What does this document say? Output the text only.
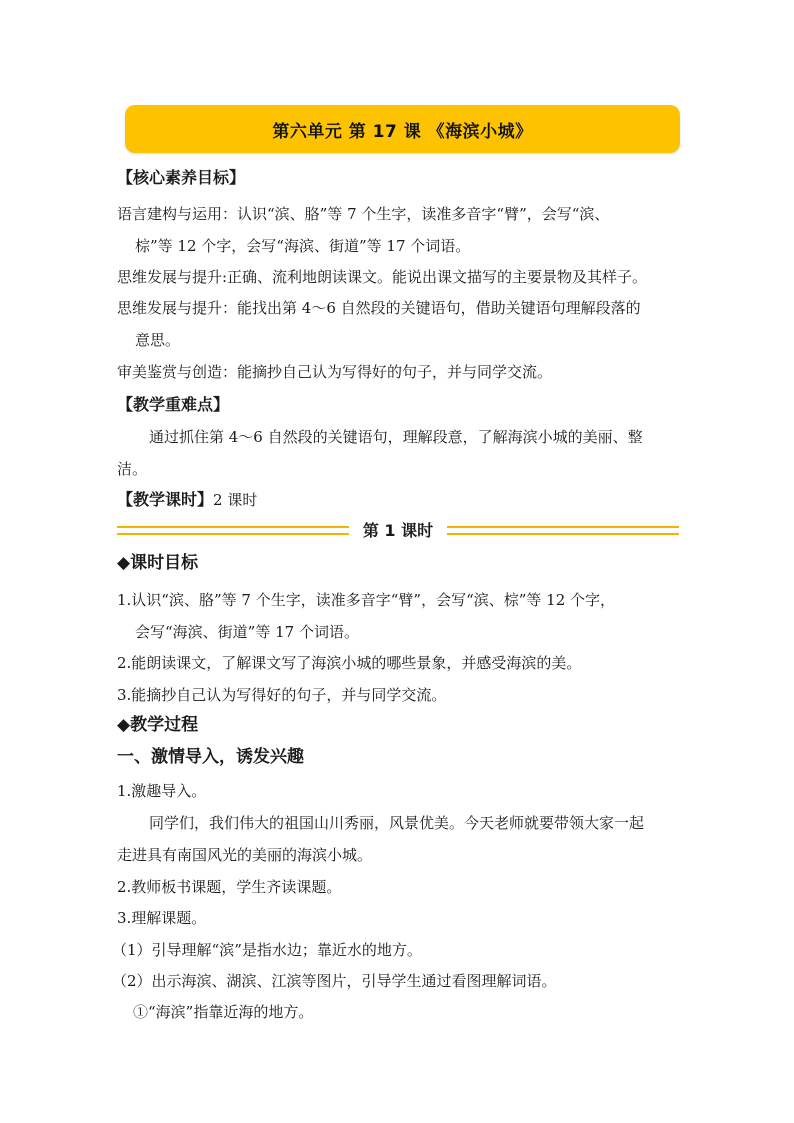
第六单元 第 17 课 《海滨小城》
【核心素养目标】
语言建构与运用：认识“滨、胳”等 7 个生字，读准多音字“臂”，会写“滨、
棕”等 12 个字，会写“海滨、街道”等 17 个词语。
思维发展与提升:正确、流利地朗读课文。能说出课文描写的主要景物及其样子。
思维发展与提升：能找出第 4～6 自然段的关键语句，借助关键语句理解段落的
意思。
审美鉴赏与创造：能摘抄自己认为写得好的句子，并与同学交流。
【教学重难点】
通过抓住第 4～6 自然段的关键语句，理解段意，了解海滨小城的美丽、整
洁。
【教学课时】2 课时
第 1 课时
◆课时目标
1.认识“滨、胳”等 7 个生字，读准多音字“臂”，会写“滨、棕”等 12 个字，
会写“海滨、街道”等 17 个词语。
2.能朗读课文，了解课文写了海滨小城的哪些景象，并感受海滨的美。
3.能摘抄自己认为写得好的句子，并与同学交流。
◆教学过程
一、激情导入，诱发兴趣
1.激趣导入。
同学们，我们伟大的祖国山川秀丽，风景优美。今天老师就要带领大家一起
走进具有南国风光的美丽的海滨小城。
2.教师板书课题，学生齐读课题。
3.理解课题。
（1）引导理解“滨”是指水边；靠近水的地方。
（2）出示海滨、湖滨、江滨等图片，引导学生通过看图理解词语。
①“海滨”指靠近海的地方。
